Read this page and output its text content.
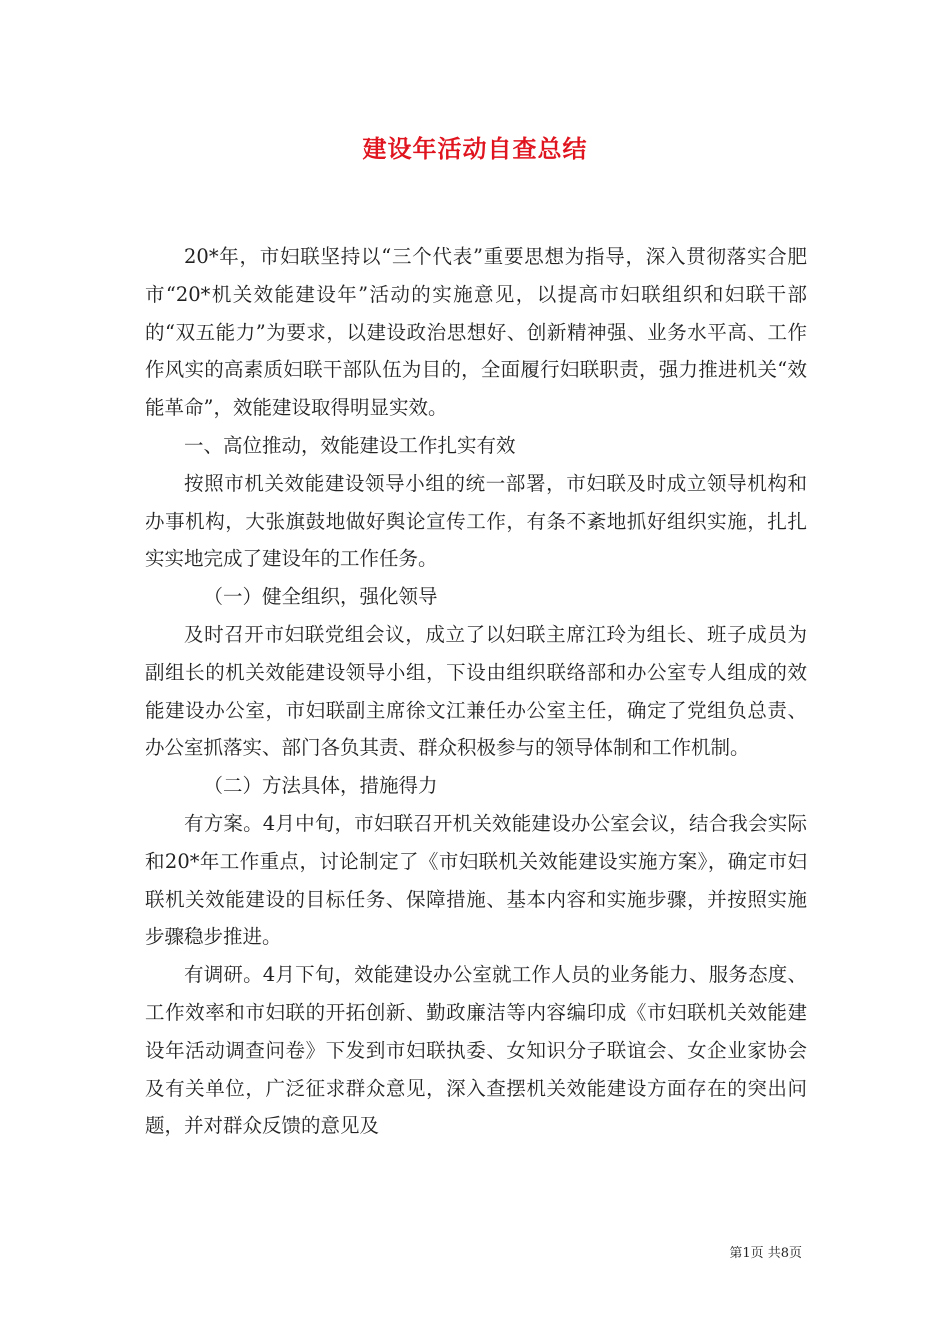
建设年活动自查总结

20*年，市妇联坚持以“三个代表”重要思想为指导，深入贯彻落实合肥市“20*机关效能建设年”活动的实施意见，以提高市妇联组织和妇联干部的“双五能力”为要求，以建设政治思想好、创新精神强、业务水平高、工作作风实的高素质妇联干部队伍为目的，全面履行妇联职责，强力推进机关“效能革命”，效能建设取得明显实效。

一、高位推动，效能建设工作扎实有效

按照市机关效能建设领导小组的统一部署，市妇联及时成立领导机构和办事机构，大张旗鼓地做好舆论宣传工作，有条不紊地抓好组织实施，扎扎实实地完成了建设年的工作任务。

（一）健全组织，强化领导

及时召开市妇联党组会议，成立了以妇联主席江玲为组长、班子成员为副组长的机关效能建设领导小组，下设由组织联络部和办公室专人组成的效能建设办公室，市妇联副主席徐文江兼任办公室主任，确定了党组负总责、办公室抓落实、部门各负其责、群众积极参与的领导体制和工作机制。

（二）方法具体，措施得力

有方案。4月中旬，市妇联召开机关效能建设办公室会议，结合我会实际和20*年工作重点，讨论制定了《市妇联机关效能建设实施方案》，确定市妇联机关效能建设的目标任务、保障措施、基本内容和实施步骤，并按照实施步骤稳步推进。

有调研。4月下旬，效能建设办公室就工作人员的业务能力、服务态度、工作效率和市妇联的开拓创新、勤政廉洁等内容编印成《市妇联机关效能建设年活动调查问卷》下发到市妇联执委、女知识分子联谊会、女企业家协会及有关单位，广泛征求群众意见，深入查摆机关效能建设方面存在的突出问题，并对群众反馈的意见及

第1页 共8页
